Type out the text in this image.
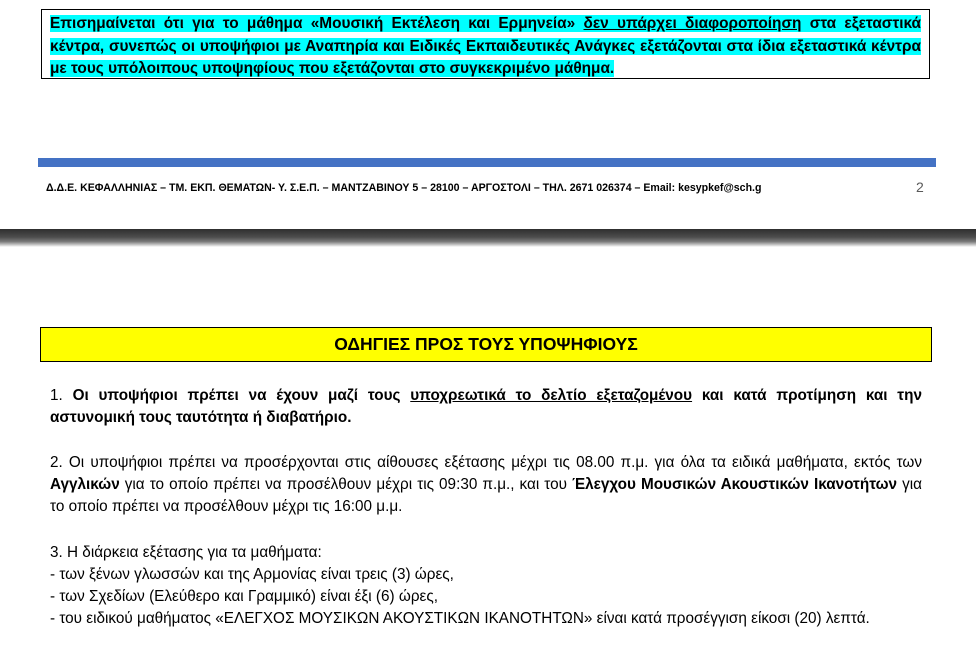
Επισημαίνεται ότι για το μάθημα «Μουσική Εκτέλεση και Ερμηνεία» δεν υπάρχει διαφοροποίηση στα εξεταστικά κέντρα, συνεπώς οι υποψήφιοι με Αναπηρία και Ειδικές Εκπαιδευτικές Ανάγκες εξετάζονται στα ίδια εξεταστικά κέντρα με τους υπόλοιπους υποψηφίους που εξετάζονται στο συγκεκριμένο μάθημα.
Δ.Δ.Ε. ΚΕΦΑΛΛΗΝΙΑΣ – ΤΜ. ΕΚΠ. ΘΕΜΑΤΩΝ- Υ. Σ.Ε.Π. – ΜΑΝΤΖΑΒΙΝΟΥ 5 – 28100 – ΑΡΓΟΣΤΟΛΙ – ΤΗΛ. 2671 026374 – Email: kesypkef@sch.g	2
ΟΔΗΓΙΕΣ ΠΡΟΣ ΤΟΥΣ ΥΠΟΨΗΦΙΟΥΣ
1. Οι υποψήφιοι πρέπει να έχουν μαζί τους υποχρεωτικά το δελτίο εξεταζομένου και κατά προτίμηση και την αστυνομική τους ταυτότητα ή διαβατήριο.
2. Οι υποψήφιοι πρέπει να προσέρχονται στις αίθουσες εξέτασης μέχρι τις 08.00 π.μ. για όλα τα ειδικά μαθήματα, εκτός των Αγγλικών για το οποίο πρέπει να προσέλθουν μέχρι τις 09:30 π.μ., και του Έλεγχου Μουσικών Ακουστικών Ικανοτήτων για το οποίο πρέπει να προσέλθουν μέχρι τις 16:00 μ.μ.
3. Η διάρκεια εξέτασης για τα μαθήματα:
- των ξένων γλωσσών και της Αρμονίας είναι τρεις (3) ώρες,
- των Σχεδίων (Ελεύθερο και Γραμμικό) είναι έξι (6) ώρες,
- του ειδικού μαθήματος «ΕΛΕΓΧΟΣ ΜΟΥΣΙΚΩΝ ΑΚΟΥΣΤΙΚΩΝ ΙΚΑΝΟΤΗΤΩΝ» είναι κατά προσέγγιση είκοσι (20) λεπτά.
